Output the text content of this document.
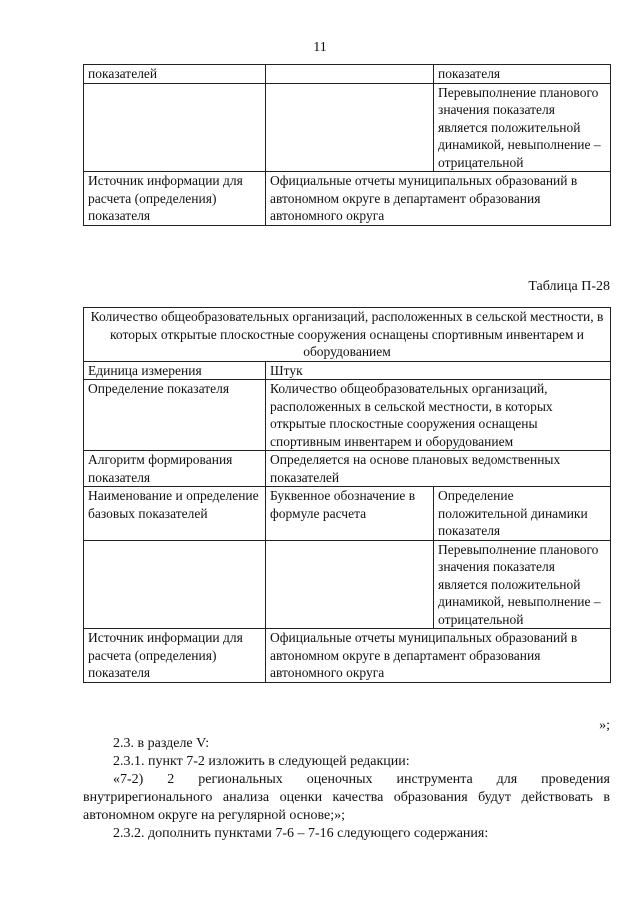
11
показателей		показателя
		Перевыполнение планового значения показателя является положительной динамикой, невыполнение – отрицательной
Источник информации для расчета (определения) показателя	Официальные отчеты муниципальных образований в автономном округе в департамент образования автономного округа	
Таблица П-28
Количество общеобразовательных организаций, расположенных в сельской местности, в которых открытые плоскостные сооружения оснащены спортивным инвентарем и оборудованием		
Единица измерения	Штук	
Определение показателя	Количество общеобразовательных организаций, расположенных в сельской местности, в которых открытые плоскостные сооружения оснащены спортивным инвентарем и оборудованием	
Алгоритм формирования показателя	Определяется на основе плановых ведомственных показателей	
Наименование и определение базовых показателей	Буквенное обозначение в формуле расчета	Определение положительной динамики показателя
		Перевыполнение планового значения показателя является положительной динамикой, невыполнение – отрицательной
Источник информации для расчета (определения) показателя	Официальные отчеты муниципальных образований в автономном округе в департамент образования автономного округа	
»;
2.3. в разделе V:
2.3.1. пункт 7-2 изложить в следующей редакции:
«7-2) 2 региональных оценочных инструмента для проведения внутрирегионального анализа оценки качества образования будут действовать в автономном округе на регулярной основе;»;
2.3.2. дополнить пунктами 7-6 – 7-16 следующего содержания:
